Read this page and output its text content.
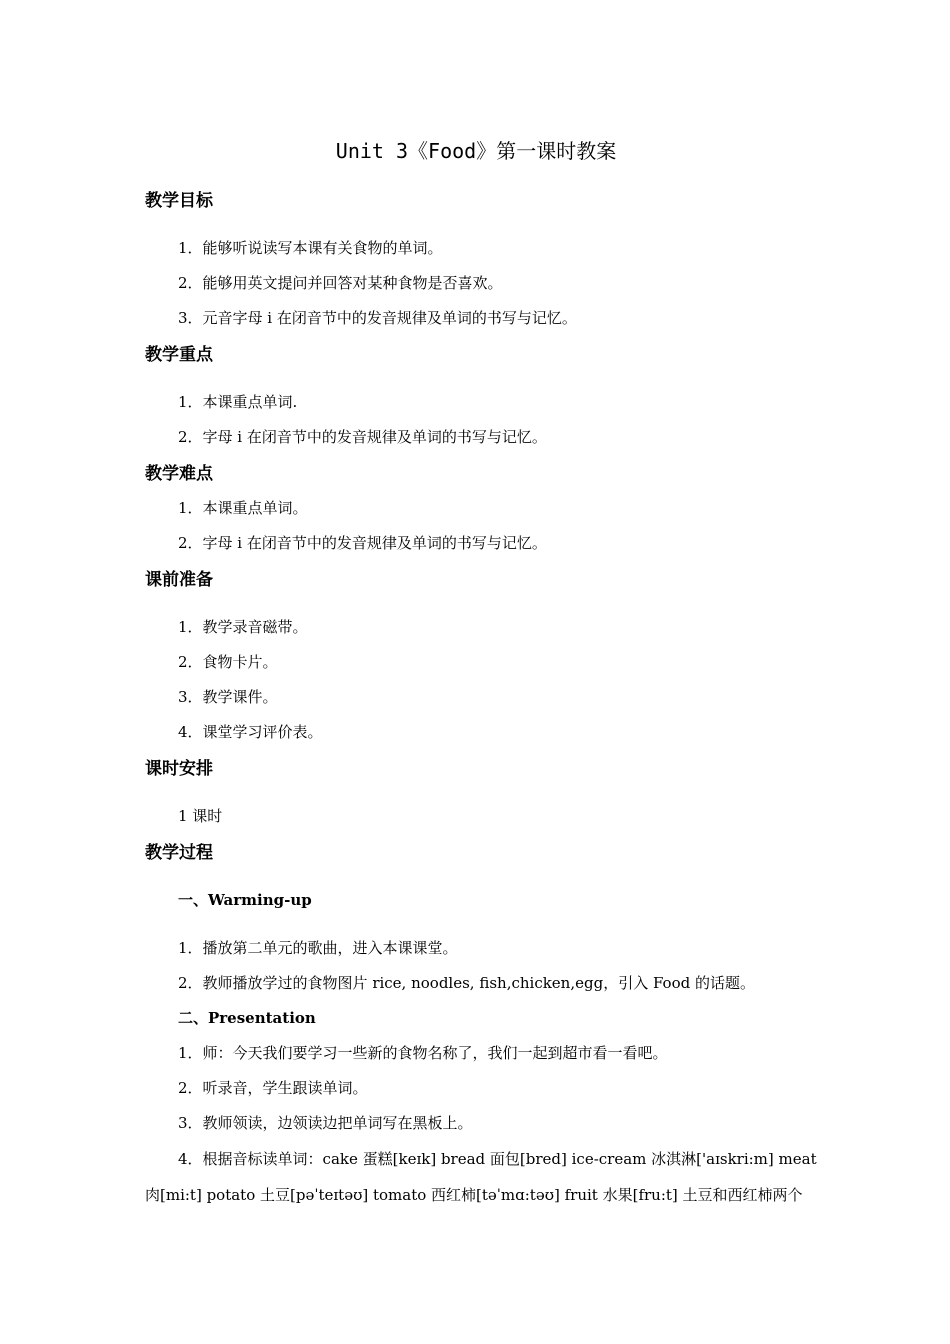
Unit 3《Food》第一课时教案
教学目标
1．能够听说读写本课有关食物的单词。
2．能够用英文提问并回答对某种食物是否喜欢。
3．元音字母 i 在闭音节中的发音规律及单词的书写与记忆。
教学重点
1．本课重点单词.
2．字母 i 在闭音节中的发音规律及单词的书写与记忆。
教学难点
1．本课重点单词。
2．字母 i 在闭音节中的发音规律及单词的书写与记忆。
课前准备
1．教学录音磁带。
2．食物卡片。
3．教学课件。
4．课堂学习评价表。
课时安排
1 课时
教学过程
一、Warming-up
1．播放第二单元的歌曲，进入本课课堂。
2．教师播放学过的食物图片 rice, noodles, fish,chicken,egg，引入 Food 的话题。
二、Presentation
1．师：今天我们要学习一些新的食物名称了，我们一起到超市看一看吧。
2．听录音，学生跟读单词。
3．教师领读，边领读边把单词写在黑板上。
4．根据音标读单词：cake 蛋糕[keɪk] bread 面包[bred] ice-cream 冰淇淋['aɪskri:m] meat
肉[mi:t] potato 土豆[pəˈteɪtəʊ] tomato 西红柿[təˈmɑ:təʊ] fruit 水果[fru:t] 土豆和西红柿两个
